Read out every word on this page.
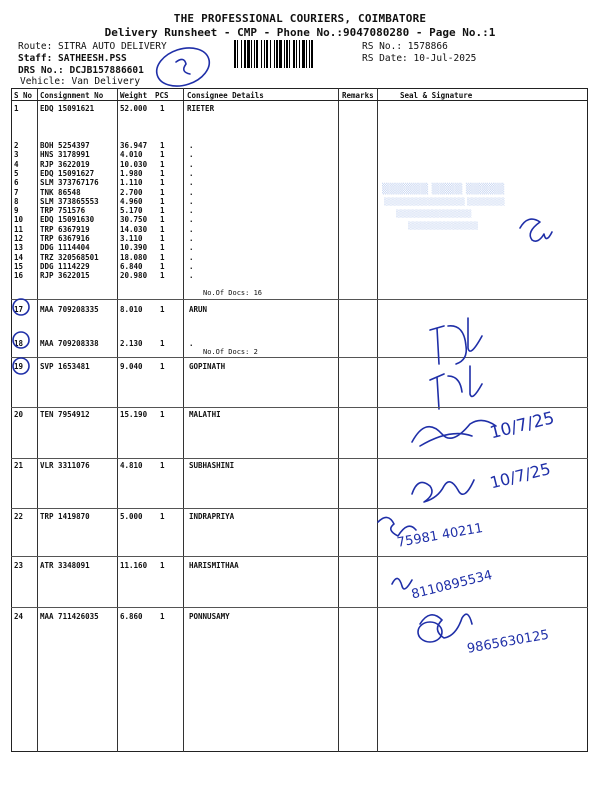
THE PROFESSIONAL COURIERS, COIMBATORE
Delivery Runsheet - CMP - Phone No.:9047080280 - Page No.:1
Route: SITRA AUTO DELIVERY
Staff: SATHEESH.PSS
DRS No.: DCJB157886601
Vehicle: Van Delivery
RS No.: 1578866
RS Date: 10-Jul-2025
S No Consignment No Weight PCS Consignee Details	Remarks	Seal & Signature
1	EDQ 15091621	52.000 1	RIETER
2	BOH 5254397	36.947 1	.
3	HNS 3178991	4.010 1	.
4	RJP 3622019	10.030 1	.
5	EDQ 15091627	1.980 1	.
6	SLM 373767176	1.110 1	.
7	TNK 86548	2.700 1	.
8	SLM 373865553	4.960 1	.
9	TRP 751576	5.170 1	.
10 EDQ 15091630	30.750 1	.
11 TRP 6367919	14.030 1	.
12 TRP 6367916	3.110 1	.
13 DDG 1114404	10.390 1	.
14 TRZ 320568501	18.080 1	.
15 DDG 1114229	6.840 1	.
16 RJP 3622015	20.980 1	.
No.Of Docs: 16
17 MAA 709208335	8.010 1	ARUN
18 MAA 709208338	2.130 1	.
No.Of Docs: 2
19 SVP 1653481	9.040 1	GOPINATH
20 TEN 7954912	15.190 1	MALATHI
21 VLR 3311076	4.810 1	SUBHASHINI
22 TRP 1419870	5.000 1	INDRAPRIYA
23 ATR 3348091	11.160 1	HARISMITHAA
24 MAA 711426035	6.860 1	PONNUSAMY
▒▒▒▒▒▒ ▒▒▒▒ ▒▒▒▒▒
▒▒▒▒▒▒▒▒▒▒▒▒▒▒▒ ▒▒▒▒▒▒▒
▒▒▒▒▒▒▒▒▒▒▒▒▒▒
▒▒▒▒▒▒▒▒▒▒▒▒▒
10/7/25
10/7/25
75981 40211
8110895534
9865630125
